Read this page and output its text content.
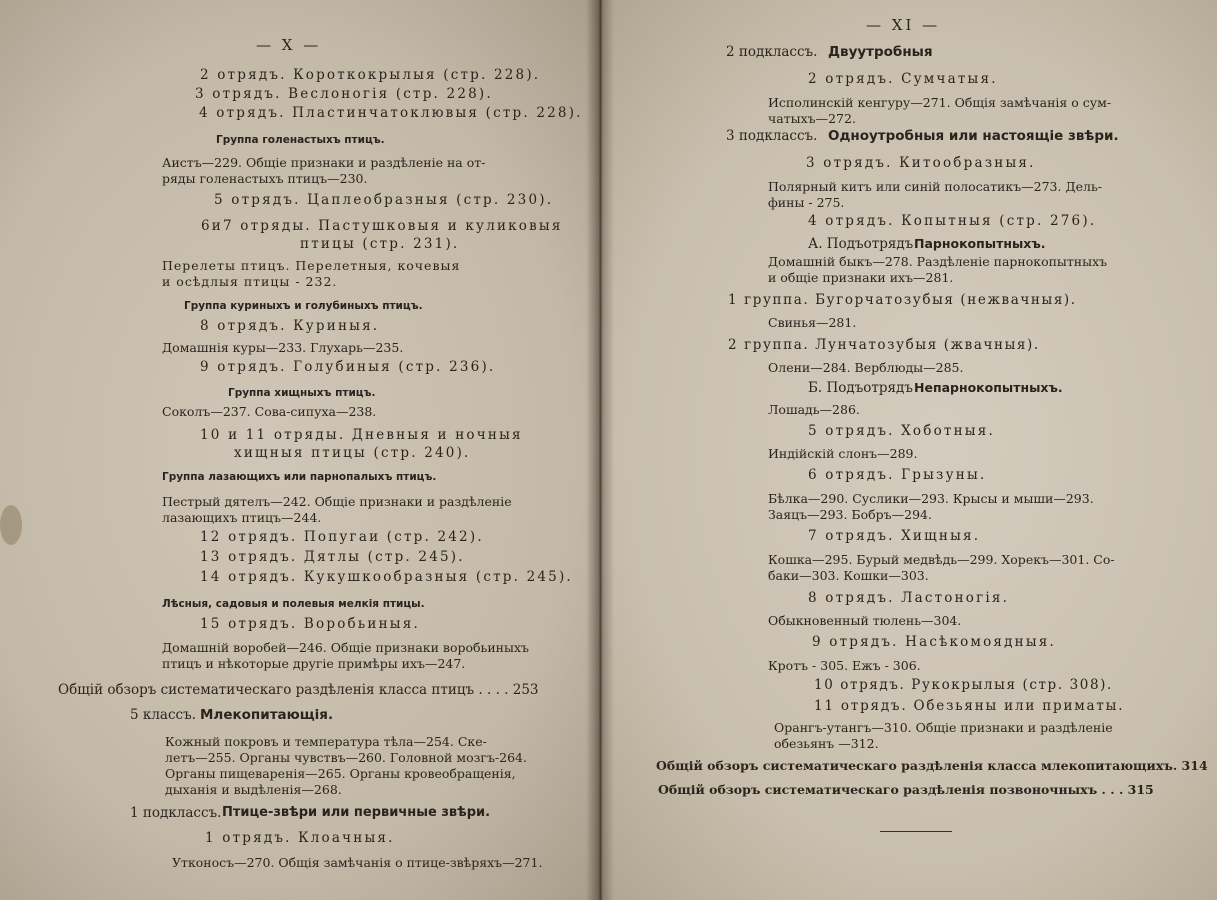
— X —
2 отрядъ. Короткокрылыя (стр. 228).
3 отрядъ. Веслоногія (стр. 228).
4 отрядъ. Пластинчатоклювыя (стр. 228).
Группа голенастыхъ птицъ.
Аистъ—229. Общіе признаки и раздѣленіе на от-
ряды голенастыхъ птицъ—230.
5 отрядъ. Цаплеобразныя (стр. 230).
6и7 отряды. Пастушковыя и куликовыя
птицы (стр. 231).
Перелеты птицъ. Перелетныя, кочевыя
и осѣдлыя птицы - 232.
Группа куриныхъ и голубиныхъ птицъ.
8 отрядъ. Куриныя.
Домашнія куры—233. Глухарь—235.
9 отрядъ. Голубиныя (стр. 236).
Группа хищныхъ птицъ.
Соколъ—237. Сова-сипуха—238.
10 и 11 отряды. Дневныя и ночныя
хищныя птицы (стр. 240).
Группа лазающихъ или парнопалыхъ птицъ.
Пестрый дятелъ—242. Общіе признаки и раздѣленіе
лазающихъ птицъ—244.
12 отрядъ. Попугаи (стр. 242).
13 отрядъ. Дятлы (стр. 245).
14 отрядъ. Кукушкообразныя (стр. 245).
Лѣсныя, садовыя и полевыя мелкія птицы.
15 отрядъ. Воробьиныя.
Домашній воробей—246. Общіе признаки воробьиныхъ
птицъ и нѣкоторые другіе примѣры ихъ—247.
Общій обзоръ систематическаго раздѣленія класса птицъ . . . . 253
5 классъ. Млекопитающія.
Кожный покровъ и температура тѣла—254. Ске-
летъ—255. Органы чувствъ—260. Головной мозгъ-264.
Органы пищеваренія—265. Органы кровеобращенія,
дыханія и выдѣленія—268.
1 подклассъ. Птице-звѣри или первичные звѣри.
1 отрядъ. Клоачныя.
Утконосъ—270. Общія замѣчанія о птице-звѣряхъ—271.
— XI —
2 подклассъ. Двуутробныя
2 отрядъ. Сумчатыя.
Исполинскій кенгуру—271. Общія замѣчанія о сум-
чатыхъ—272.
3 подклассъ. Одноутробныя или настоящіе звѣри.
3 отрядъ. Китообразныя.
Полярный китъ или синій полосатикъ—273. Дель-
фины - 275.
4 отрядъ. Копытныя (стр. 276).
А. Подъотрядъ Парнокопытныхъ.
Домашній быкъ—278. Раздѣленіе парнокопытныхъ
и общіе признаки ихъ—281.
1 группа. Бугорчатозубыя (нежвачныя).
Свинья—281.
2 группа. Лунчатозубыя (жвачныя).
Олени—284. Верблюды—285.
Б. Подъотрядъ Непарнокопытныхъ.
Лошадь—286.
5 отрядъ. Хоботныя.
Индійскій слонъ—289.
6 отрядъ. Грызуны.
Бѣлка—290. Суслики—293. Крысы и мыши—293.
Заяцъ—293. Бобръ—294.
7 отрядъ. Хищныя.
Кошка—295. Бурый медвѣдь—299. Хорекъ—301. Со-
баки—303. Кошки—303.
8 отрядъ. Ластоногія.
Обыкновенный тюлень—304.
9 отрядъ. Насѣкомоядныя.
Кротъ - 305. Ежъ - 306.
10 отрядъ. Рукокрылыя (стр. 308).
11 отрядъ. Обезьяны или приматы.
Орангъ-утангъ—310. Общіе признаки и раздѣленіе
обезьянъ —312.
Общій обзоръ систематическаго раздѣленія класса млекопитающихъ. 314
Общій обзоръ систематическаго раздѣленія позвоночныхъ . . . 315
